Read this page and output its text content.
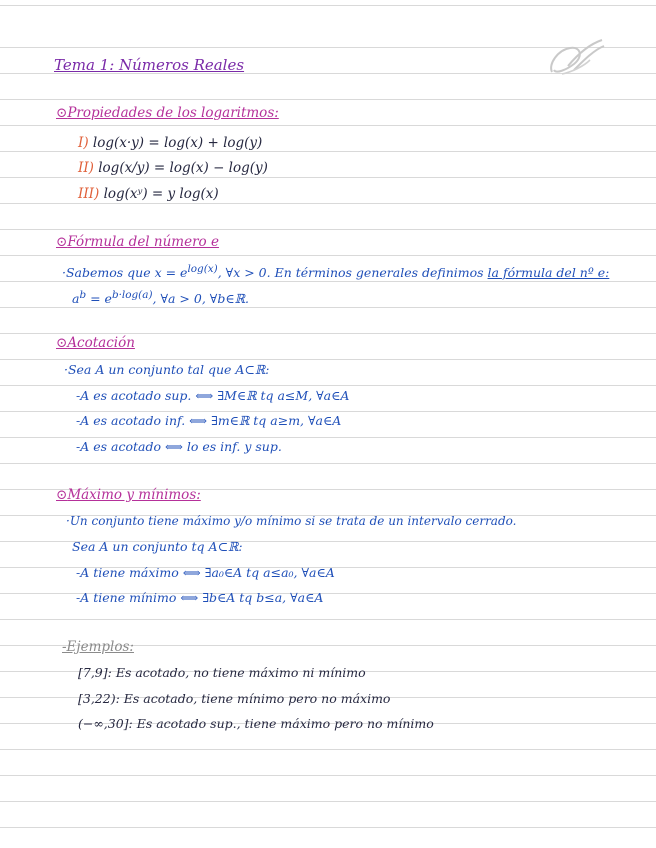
Tema 1: Números Reales
⊙Propiedades de los logaritmos:
I) log(x·y) = log(x) + log(y)
II) log(x/y) = log(x) − log(y)
III) log(xʸ) = y log(x)
⊙Fórmula del número e
·Sabemos que $x = e^{log(x)}$, ∀x > 0. En términos generales definimos la fórmula del nº e:
$a^b = e^{b\cdot log(a)}$, ∀a > 0, ∀b∈ℝ.
⊙Acotación
·Sea A un conjunto tal que A⊂ℝ:
-A es acotado sup. ⟺ ∃M∈ℝ tq a≤M, ∀a∈A
-A es acotado inf. ⟺ ∃m∈ℝ tq a≥m, ∀a∈A
-A es acotado ⟺ lo es inf. y sup.
⊙Máximo y mínimos:
·Un conjunto tiene máximo y/o mínimo si se trata de un intervalo cerrado.
Sea A un conjunto tq A⊂ℝ:
-A tiene máximo ⟺ ∃a₀∈A tq a≤a₀, ∀a∈A
-A tiene mínimo ⟺ ∃b∈A tq b≤a, ∀a∈A
-Ejemplos:
[7,9]: Es acotado, no tiene máximo ni mínimo
[3,22): Es acotado, tiene mínimo pero no máximo
(−∞,30]: Es acotado sup., tiene máximo pero no mínimo
